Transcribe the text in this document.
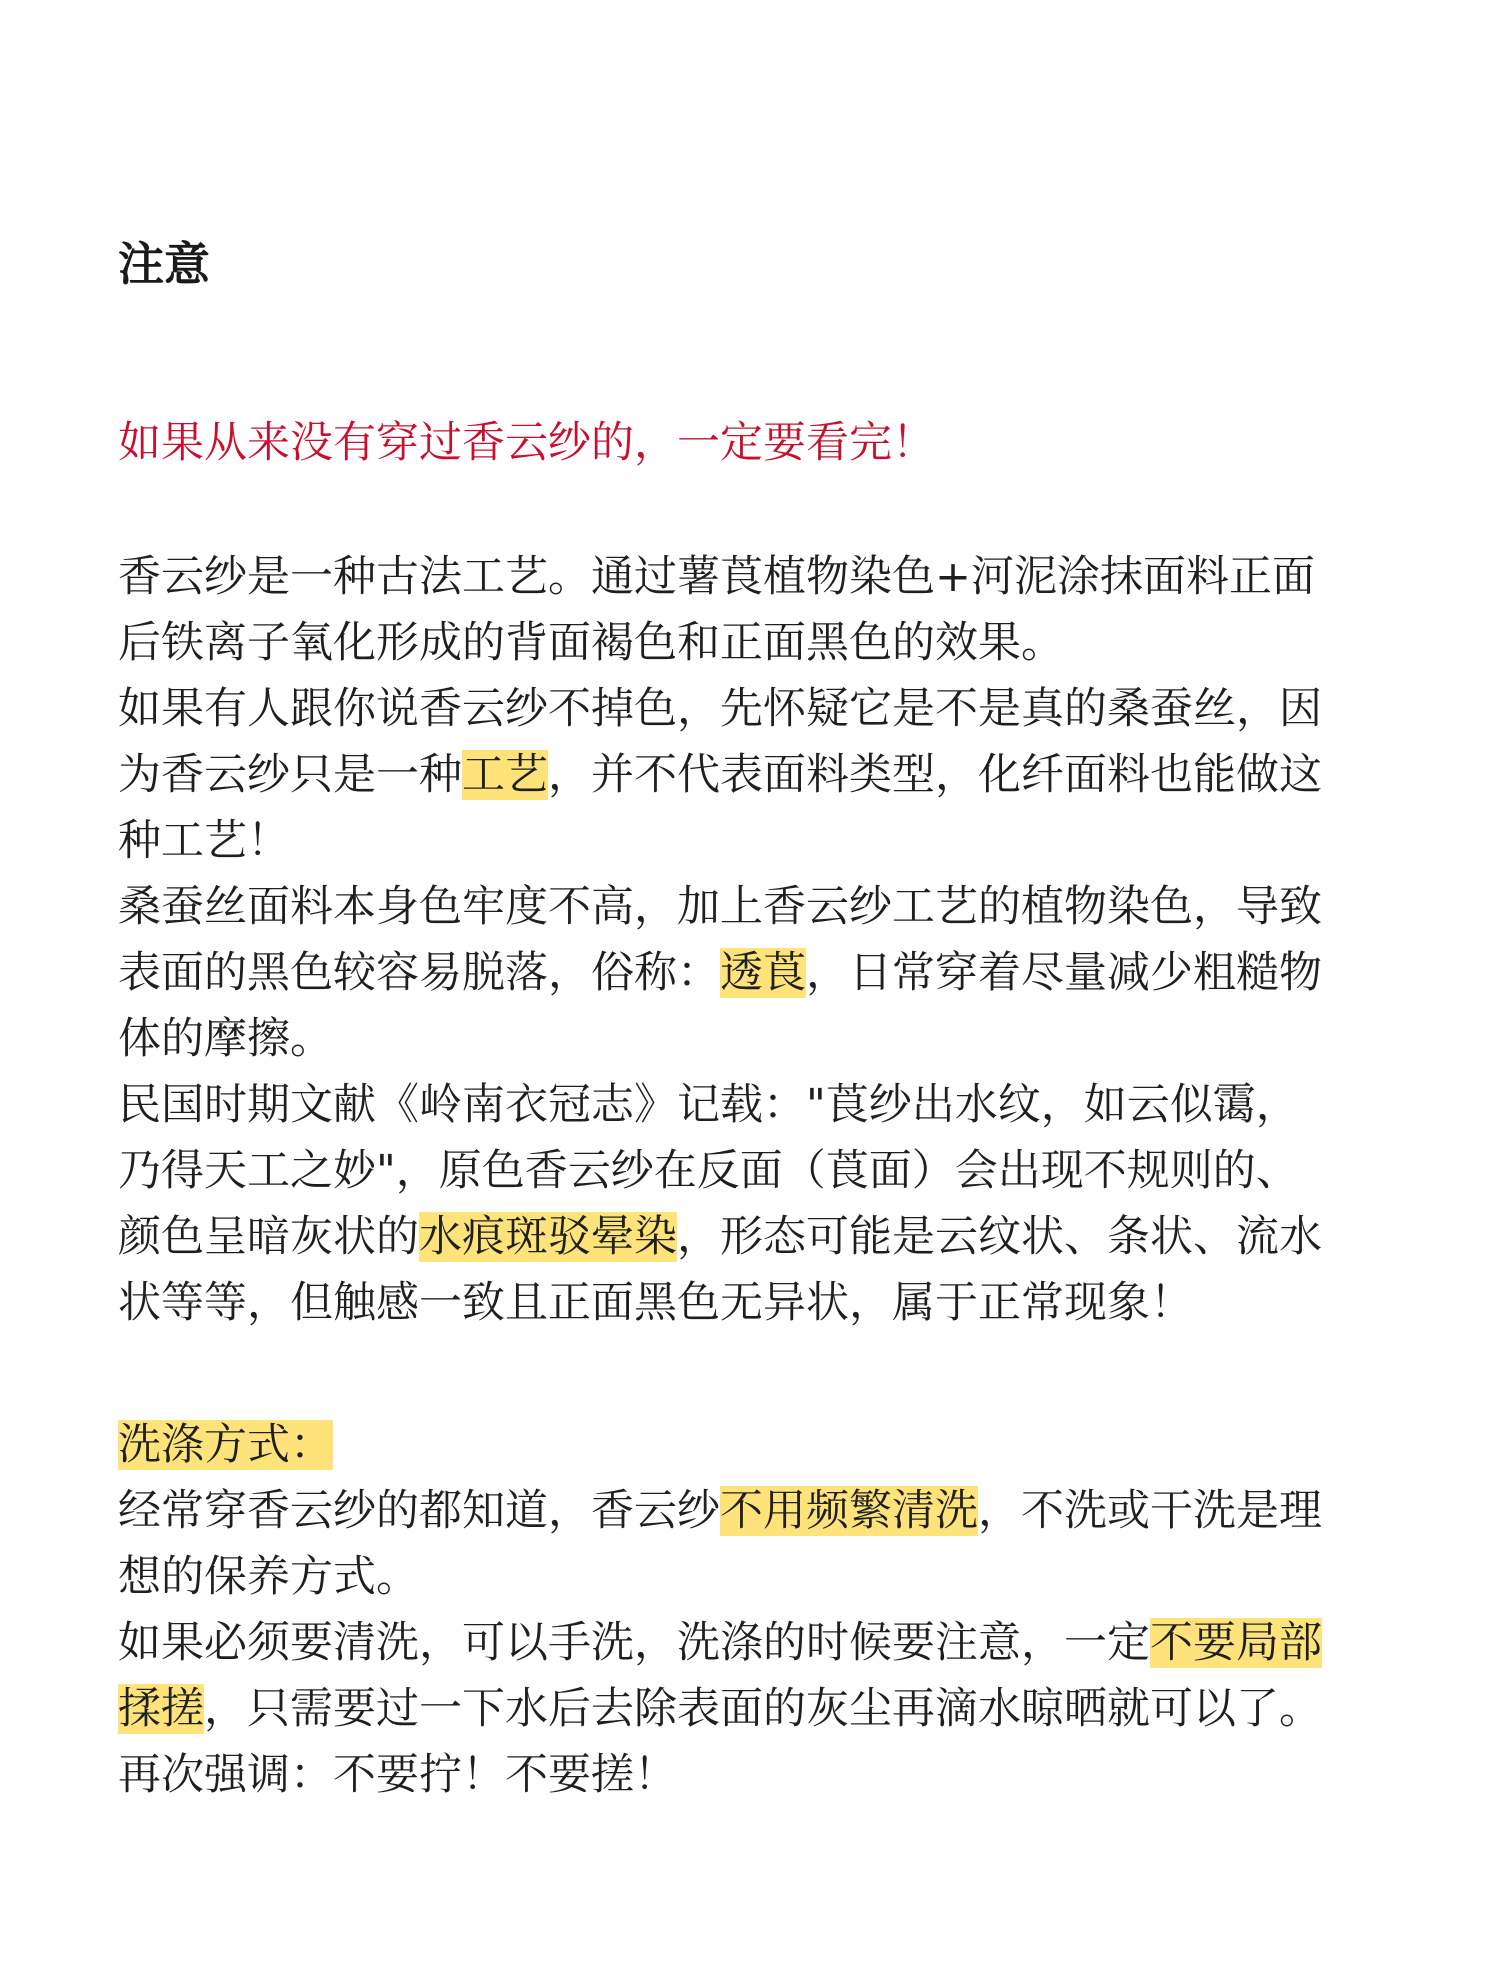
注意
如果从来没有穿过香云纱的，一定要看完！
香云纱是一种古法工艺。通过薯莨植物染色+河泥涂抹面料正面
后铁离子氧化形成的背面褐色和正面黑色的效果。
如果有人跟你说香云纱不掉色，先怀疑它是不是真的桑蚕丝，因
为香云纱只是一种工艺，并不代表面料类型，化纤面料也能做这
种工艺！
桑蚕丝面料本身色牢度不高，加上香云纱工艺的植物染色，导致
表面的黑色较容易脱落，俗称：透莨，日常穿着尽量减少粗糙物
体的摩擦。
民国时期文献《岭南衣冠志》记载："莨纱出水纹，如云似霭，
乃得天工之妙"，原色香云纱在反面（莨面）会出现不规则的、
颜色呈暗灰状的水痕斑驳晕染，形态可能是云纹状、条状、流水
状等等，但触感一致且正面黑色无异状，属于正常现象！
洗涤方式：
经常穿香云纱的都知道，香云纱不用频繁清洗，不洗或干洗是理
想的保养方式。
如果必须要清洗，可以手洗，洗涤的时候要注意，一定不要局部
揉搓，只需要过一下水后去除表面的灰尘再滴水晾晒就可以了。
再次强调：不要拧！不要搓！
